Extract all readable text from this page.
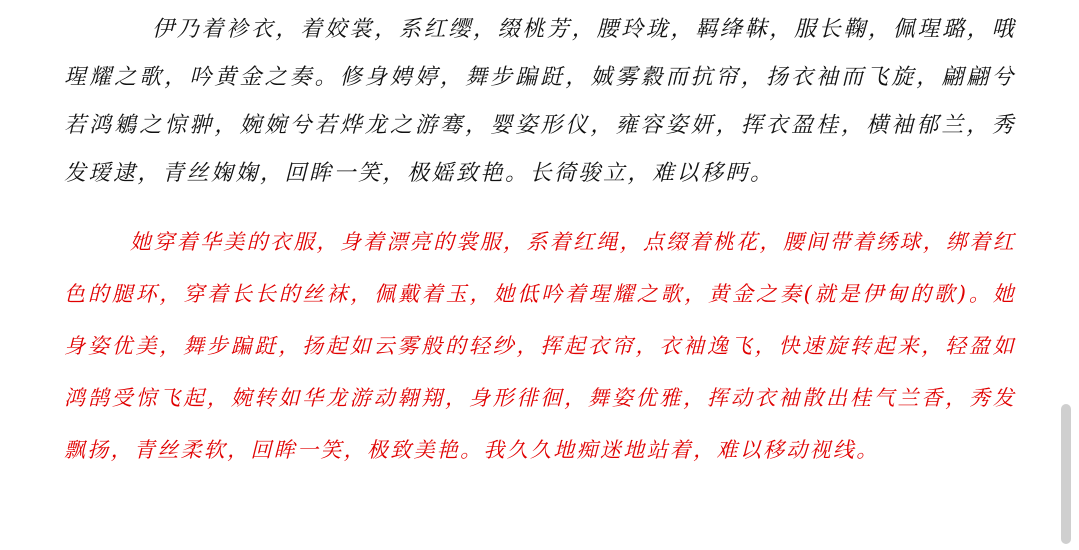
伊乃着袗衣，着姣裳，系红缨，缀桃芳，腰玲珑，羁绛靺，服长鞠，佩瑆璐，哦瑆耀之歌，吟黄金之奏。修身娉婷，舞步蹁跹，娍雾縠而抗帘，扬衣袖而飞旋，翩翩兮若鸿鵴之惊翀，婉婉兮若烨龙之游骞，婴姿形仪，雍容姿妍，挥衣盈桂，横袖郁兰，秀发瑷逮，青丝婅婅，回眸一笑，极媱致艳。长徛骏立，难以移眄。

她穿着华美的衣服，身着漂亮的裳服，系着红绳，点缀着桃花，腰间带着绣球，绑着红色的腿环，穿着长长的丝袜，佩戴着玉，她低吟着瑆耀之歌，黄金之奏(就是伊甸的歌)。她身姿优美，舞步蹁跹，扬起如云雾般的轻纱，挥起衣帘，衣袖逸飞，快速旋转起来，轻盈如鸿鹄受惊飞起，婉转如华龙游动翱翔，身形徘徊，舞姿优雅，挥动衣袖散出桂气兰香，秀发飘扬，青丝柔软，回眸一笑，极致美艳。我久久地痴迷地站着，难以移动视线。
